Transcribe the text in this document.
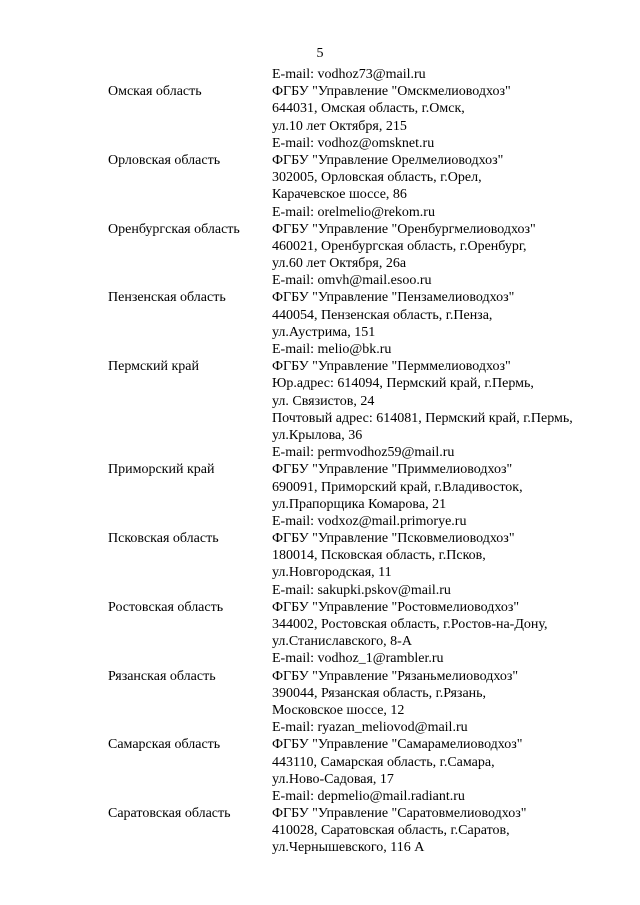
5
E-mail: vodhoz73@mail.ru
Омская область	ФГБУ "Управление "Омскмелиоводхоз"
644031, Омская область, г.Омск,
ул.10 лет Октября, 215
E-mail: vodhoz@omsknet.ru
Орловская область	ФГБУ "Управление Орелмелиоводхоз"
302005, Орловская область, г.Орел,
Карачевское шоссе, 86
E-mail: orelmelio@rekom.ru
Оренбургская область	ФГБУ "Управление "Оренбургмелиоводхоз"
460021, Оренбургская область, г.Оренбург,
ул.60 лет Октября, 26а
E-mail: omvh@mail.esoo.ru
Пензенская область	ФГБУ "Управление "Пензамелиоводхоз"
440054, Пензенская область, г.Пенза,
ул.Аустрима, 151
E-mail: melio@bk.ru
Пермский край	ФГБУ "Управление "Перммелиоводхоз"
Юр.адрес: 614094, Пермский край, г.Пермь,
ул. Связистов, 24
Почтовый адрес: 614081, Пермский край, г.Пермь,
ул.Крылова, 36
E-mail: permvodhoz59@mail.ru
Приморский край	ФГБУ "Управление "Приммелиоводхоз"
690091, Приморский край, г.Владивосток,
ул.Прапорщика Комарова, 21
E-mail: vodxoz@mail.primorye.ru
Псковская область	ФГБУ "Управление "Псковмелиоводхоз"
180014, Псковская область, г.Псков,
ул.Новгородская, 11
E-mail: sakupki.pskov@mail.ru
Ростовская область	ФГБУ "Управление "Ростовмелиоводхоз"
344002, Ростовская область, г.Ростов-на-Дону,
ул.Станиславского, 8-А
E-mail: vodhoz_1@rambler.ru
Рязанская область	ФГБУ "Управление "Рязаньмелиоводхоз"
390044, Рязанская область, г.Рязань,
Московское шоссе, 12
E-mail: ryazan_meliovod@mail.ru
Самарская область	ФГБУ "Управление "Самарамелиоводхоз"
443110, Самарская область, г.Самара,
ул.Ново-Садовая, 17
E-mail: depmelio@mail.radiant.ru
Саратовская область	ФГБУ "Управление "Саратовмелиоводхоз"
410028, Саратовская область, г.Саратов,
ул.Чернышевского, 116 А
